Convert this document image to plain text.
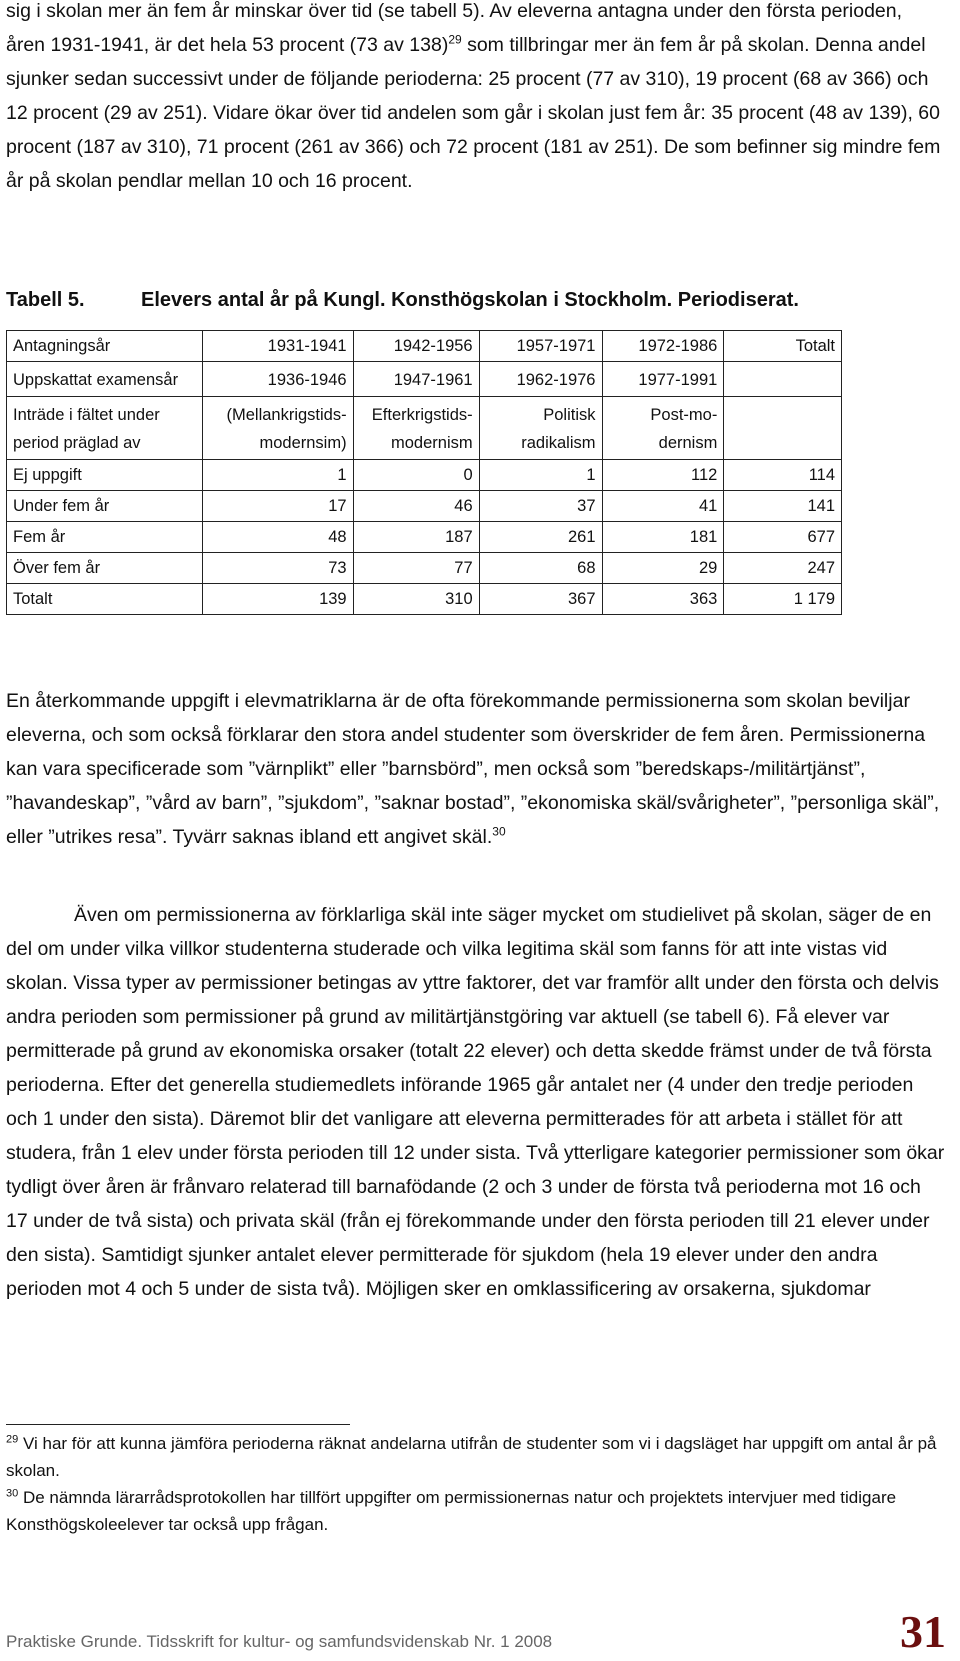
sig i skolan mer än fem år minskar över tid (se tabell 5). Av eleverna antagna under den första perioden, åren 1931-1941, är det hela 53 procent (73 av 138)$^{29}$ som tillbringar mer än fem år på skolan. Denna andel sjunker sedan successivt under de följande perioderna: 25 procent (77 av 310), 19 procent (68 av 366) och 12 procent (29 av 251). Vidare ökar över tid andelen som går i skolan just fem år: 35 procent (48 av 139), 60 procent (187 av 310), 71 procent (261 av 366) och 72 procent (181 av 251). De som befinner sig mindre fem år på skolan pendlar mellan 10 och 16 procent.

Tabell 5.	Elevers antal år på Kungl. Konsthögskolan i Stockholm. Periodiserat.
Antagningsår	1931-1941	1942-1956	1957-1971	1972-1986	Totalt
Uppskattat examensår	1936-1946	1947-1961	1962-1976	1977-1991	
Inträde i fältet under period präglad av	(Mellankrigstids-modernsim)	Efterkrigstids-modernism	Politisk radikalism	Post-mo-dernism	
Ej uppgift	1	0	1	112	114
Under fem år	17	46	37	41	141
Fem år	48	187	261	181	677
Över fem år	73	77	68	29	247
Totalt	139	310	367	363	1 179

En återkommande uppgift i elevmatriklarna är de ofta förekommande permissionerna som skolan beviljar eleverna, och som också förklarar den stora andel studenter som överskrider de fem åren. Permissionerna kan vara specificerade som ”värnplikt” eller ”barnsbörd”, men också som ”beredskaps-/militärtjänst”, ”havandeskap”, ”vård av barn”, ”sjukdom”, ”saknar bostad”, ”ekonomiska skäl/svårigheter”, ”personliga skäl”, eller ”utrikes resa”. Tyvärr saknas ibland ett angivet skäl.$^{30}$

Även om permissionerna av förklarliga skäl inte säger mycket om studielivet på skolan, säger de en del om under vilka villkor studenterna studerade och vilka legitima skäl som fanns för att inte vistas vid skolan. Vissa typer av permissioner betingas av yttre faktorer, det var framför allt under den första och delvis andra perioden som permissioner på grund av militärtjänstgöring var aktuell (se tabell 6). Få elever var permitterade på grund av ekonomiska orsaker (totalt 22 elever) och detta skedde främst under de två första perioderna. Efter det generella studiemedlets införande 1965 går antalet ner (4 under den tredje perioden och 1 under den sista). Däremot blir det vanligare att eleverna permitterades för att arbeta i stället för att studera, från 1 elev under första perioden till 12 under sista. Två ytterligare kategorier permissioner som ökar tydligt över åren är frånvaro relaterad till barnafödande (2 och 3 under de första två perioderna mot 16 och 17 under de två sista) och privata skäl (från ej förekommande under den första perioden till 21 elever under den sista). Samtidigt sjunker antalet elever permitterade för sjukdom (hela 19 elever under den andra perioden mot 4 och 5 under de sista två). Möjligen sker en omklassificering av orsakerna, sjukdomar

$^{29}$ Vi har för att kunna jämföra perioderna räknat andelarna utifrån de studenter som vi i dagsläget har uppgift om antal år på skolan.
$^{30}$ De nämnda lärarrådsprotokollen har tillfört uppgifter om permissionernas natur och projektets intervjuer med tidigare Konsthögskoleelever tar också upp frågan.
Praktiske Grunde. Tidsskrift for kultur- og samfundsvidenskab Nr. 1 2008	31
